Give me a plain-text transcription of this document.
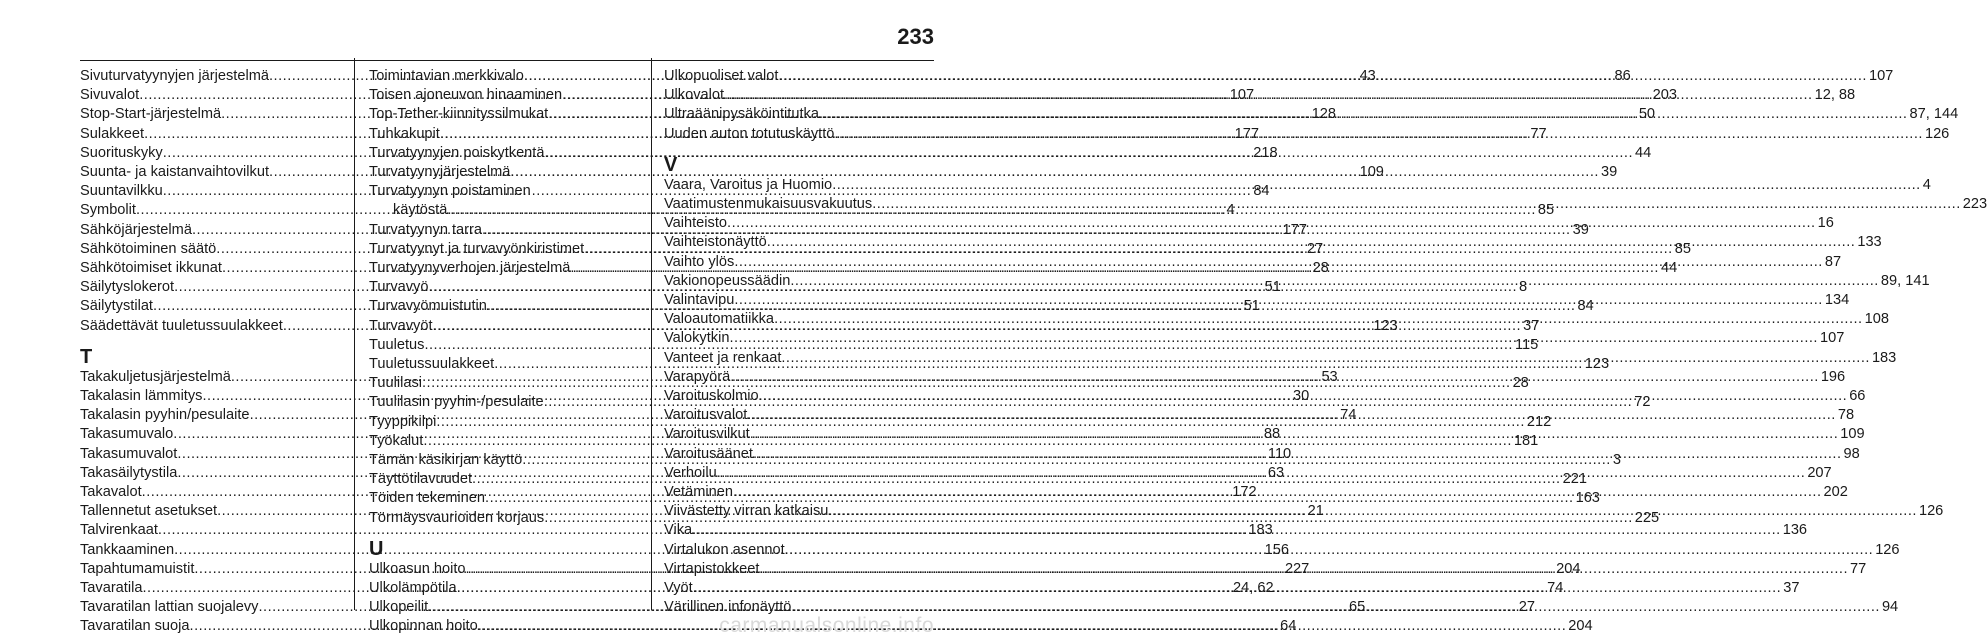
233
Sivuturvatyynyjen järjestelmä .....	43
Sivuvalot .....	107
Stop-Start-järjestelmä .....	128
Sulakkeet .....	177
Suorituskyky .....	218
Suunta- ja kaistanvaihtovilkut .....	109
Suuntavilkku .....	84
Symbolit .....	4
Sähköjärjestelmä .....	177
Sähkötoiminen säätö .....	27
Sähkötoimiset ikkunat .....	28
Säilytyslokerot .....	51
Säilytystilat .....	51
Säädettävät tuuletussuulakkeet .....	123
T
Takakuljetusjärjestelmä .....	53
Takalasin lämmitys .....	30
Takalasin pyyhin/pesulaite .....	74
Takasumuvalo .....	88
Takasumuvalot .....	110
Takasäilytystila .....	63
Takavalot .....	172
Tallennetut asetukset .....	21
Talvirenkaat .....	183
Tankkaaminen .....	156
Tapahtumamuistit .....	227
Tavaratila .....	24, 62
Tavaratilan lattian suojalevy .....	65
Tavaratilan suoja .....	64
Toimintavian merkkivalo .....	86
Toisen ajoneuvon hinaaminen .....	203
Top-Tether-kiinnityssilmukat .....	50
Tuhkakupit .....	77
Turvatyynyjen poiskytkentä .....	44
Turvatyynyjärjestelmä .....	39
Turvatyynyn poistaminen
käytöstä .....	85
Turvatyynyn tarra .....	39
Turvatyynyt ja turvavyönkiristimet .....	85
Turvatyynyverhojen järjestelmä .....	44
Turvavyö .....	8
Turvavyömuistutin .....	84
Turvavyöt .....	37
Tuuletus .....	115
Tuuletussuulakkeet .....	123
Tuulilasi .....	28
Tuulilasin pyyhin-/pesulaite .....	72
Tyyppikilpi .....	212
Työkalut .....	181
Tämän käsikirjan käyttö .....	3
Täyttötilavuudet .....	221
Töiden tekeminen .....	163
Törmäysvaurioiden korjaus .....	225
U
Ulkoasun hoito .....	204
Ulkolämpötila .....	74
Ulkopeilit .....	27
Ulkopinnan hoito .....	204
Ulkopuoliset valot .....	107
Ulkovalot .....	12, 88
Ultraäänipysäköintitutka .....	87, 144
Uuden auton totutuskäyttö .....	126
V
Vaara, Varoitus ja Huomio .....	4
Vaatimustenmukaisuusvakuutus .....	223
Vaihteisto .....	16
Vaihteistonäyttö .....	133
Vaihto ylös .....	87
Vakionopeussäädin .....	89, 141
Valintavipu .....	134
Valoautomatiikka .....	108
Valokytkin .....	107
Vanteet ja renkaat .....	183
Varapyörä .....	196
Varoituskolmio .....	66
Varoitusvalot .....	78
Varoitusvilkut .....	109
Varoitusäänet .....	98
Verhoilu .....	207
Vetäminen .....	202
Viivästetty virran katkaisu .....	126
Vika .....	136
Virtalukon asennot .....	126
Virtapistokkeet .....	77
Vyöt .....	37
Värillinen infonäyttö .....	94
carmanualsonline.info
